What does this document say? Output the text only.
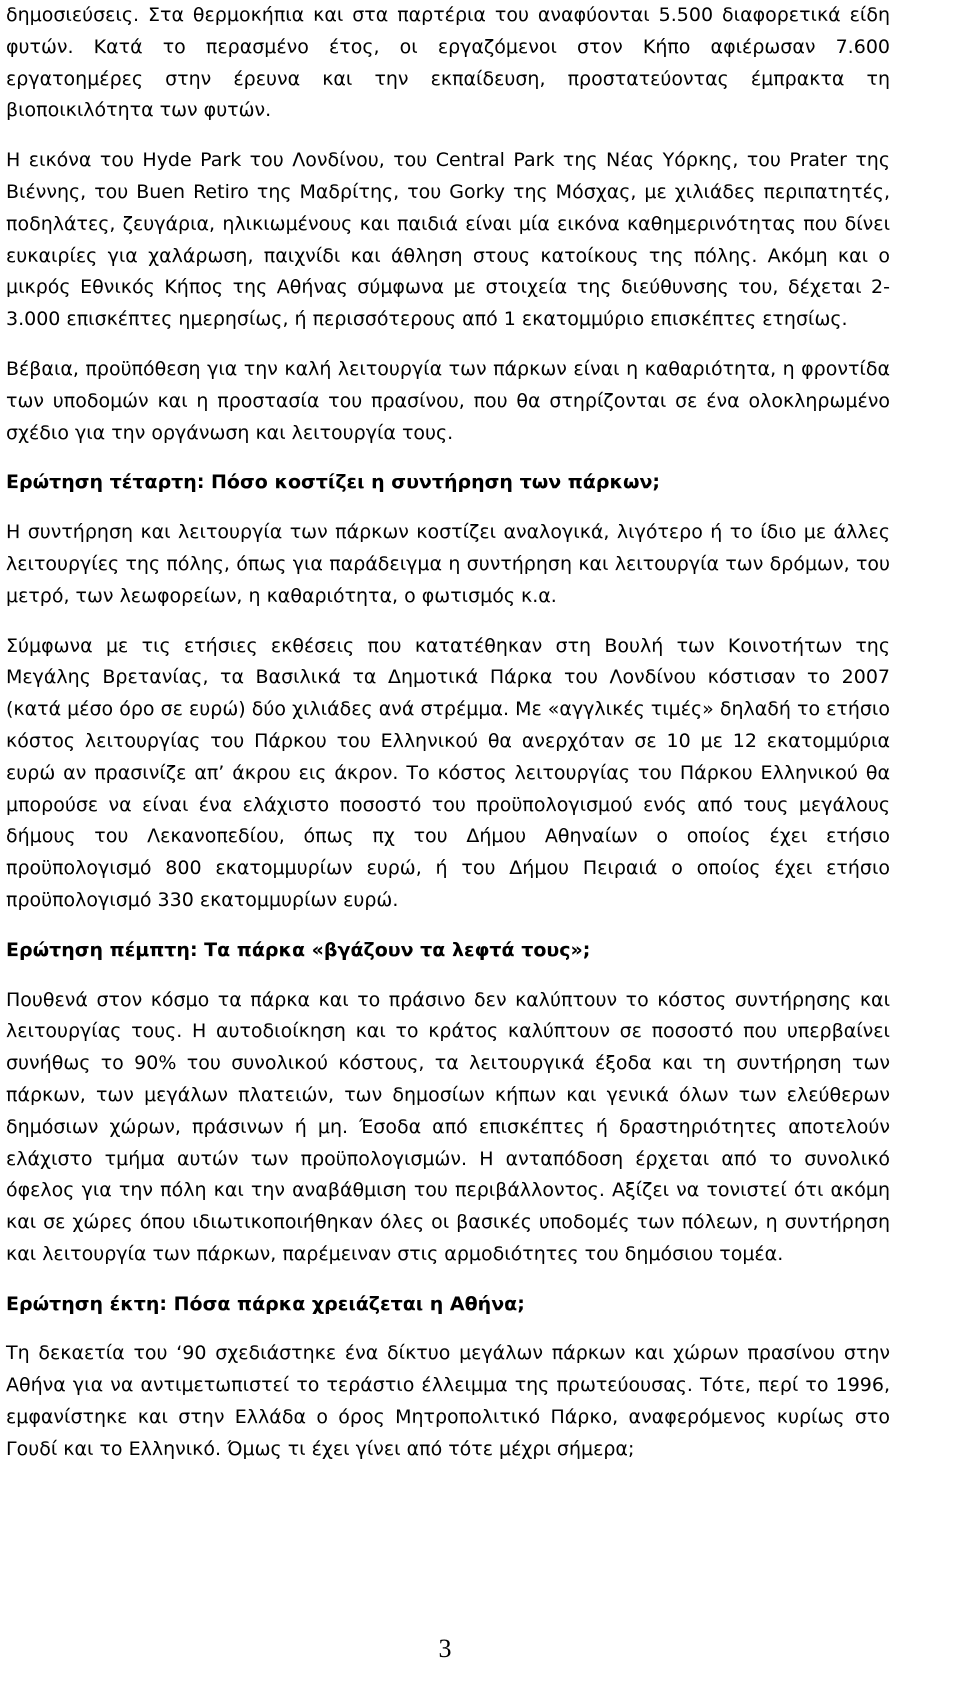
δημοσιεύσεις. Στα θερμοκήπια και στα παρτέρια του αναφύονται 5.500 διαφορετικά είδη φυτών. Κατά το περασμένο έτος, οι εργαζόμενοι στον Κήπο αφιέρωσαν 7.600 εργατοημέρες στην έρευνα και την εκπαίδευση, προστατεύοντας έμπρακτα τη βιοποικιλότητα των φυτών.

Η εικόνα του Hyde Park του Λονδίνου, του Central Park της Νέας Υόρκης, του Prater της Βιέννης, του Buen Retiro της Μαδρίτης, του Gorky της Μόσχας, με χιλιάδες περιπατητές, ποδηλάτες, ζευγάρια, ηλικιωμένους και παιδιά είναι μία εικόνα καθημερινότητας που δίνει ευκαιρίες για χαλάρωση, παιχνίδι και άθληση στους κατοίκους της πόλης. Ακόμη και ο μικρός Εθνικός Κήπος της Αθήνας σύμφωνα με στοιχεία της διεύθυνσης του, δέχεται 2-3.000 επισκέπτες ημερησίως, ή περισσότερους από 1 εκατομμύριο επισκέπτες ετησίως.

Βέβαια, προϋπόθεση για την καλή λειτουργία των πάρκων είναι η καθαριότητα, η φροντίδα των υποδομών και η προστασία του πρασίνου, που θα στηρίζονται σε ένα ολοκληρωμένο σχέδιο για την οργάνωση και λειτουργία τους.

Ερώτηση τέταρτη: Πόσο κοστίζει η συντήρηση των πάρκων;

Η συντήρηση και λειτουργία των πάρκων κοστίζει αναλογικά, λιγότερο ή το ίδιο με άλλες λειτουργίες της πόλης, όπως για παράδειγμα η συντήρηση και λειτουργία των δρόμων, του μετρό, των λεωφορείων, η καθαριότητα, ο φωτισμός κ.α.

Σύμφωνα με τις ετήσιες εκθέσεις που κατατέθηκαν στη Βουλή των Κοινοτήτων της Μεγάλης Βρετανίας, τα Βασιλικά τα Δημοτικά Πάρκα του Λονδίνου κόστισαν το 2007 (κατά μέσο όρο σε ευρώ) δύο χιλιάδες ανά στρέμμα. Με «αγγλικές τιμές» δηλαδή το ετήσιο κόστος λειτουργίας του Πάρκου του Ελληνικού θα ανερχόταν σε 10 με 12 εκατομμύρια ευρώ αν πρασινίζε απ’ άκρου εις άκρον. Το κόστος λειτουργίας του Πάρκου Ελληνικού θα μπορούσε να είναι ένα ελάχιστο ποσοστό του προϋπολογισμού ενός από τους μεγάλους δήμους του Λεκανοπεδίου, όπως πχ του Δήμου Αθηναίων ο οποίος έχει ετήσιο προϋπολογισμό 800 εκατομμυρίων ευρώ, ή του Δήμου Πειραιά ο οποίος έχει ετήσιο προϋπολογισμό 330 εκατομμυρίων ευρώ.

Ερώτηση πέμπτη: Τα πάρκα «βγάζουν τα λεφτά τους»;

Πουθενά στον κόσμο τα πάρκα και το πράσινο δεν καλύπτουν το κόστος συντήρησης και λειτουργίας τους. Η αυτοδιοίκηση και το κράτος καλύπτουν σε ποσοστό που υπερβαίνει συνήθως το 90% του συνολικού κόστους, τα λειτουργικά έξοδα και τη συντήρηση των πάρκων, των μεγάλων πλατειών, των δημοσίων κήπων και γενικά όλων των ελεύθερων δημόσιων χώρων, πράσινων ή μη. Έσοδα από επισκέπτες ή δραστηριότητες αποτελούν ελάχιστο τμήμα αυτών των προϋπολογισμών. Η ανταπόδοση έρχεται από το συνολικό όφελος για την πόλη και την αναβάθμιση του περιβάλλοντος. Αξίζει να τονιστεί ότι ακόμη και σε χώρες όπου ιδιωτικοποιήθηκαν όλες οι βασικές υποδομές των πόλεων, η συντήρηση και λειτουργία των πάρκων, παρέμειναν στις αρμοδιότητες του δημόσιου τομέα.

Ερώτηση έκτη: Πόσα πάρκα χρειάζεται η Αθήνα;

Τη δεκαετία του ‘90 σχεδιάστηκε ένα δίκτυο μεγάλων πάρκων και χώρων πρασίνου στην Αθήνα για να αντιμετωπιστεί το τεράστιο έλλειμμα της πρωτεύουσας. Τότε, περί το 1996, εμφανίστηκε και στην Ελλάδα ο όρος Μητροπολιτικό Πάρκο, αναφερόμενος κυρίως στο Γουδί και το Ελληνικό. Όμως τι έχει γίνει από τότε μέχρι σήμερα;

3
